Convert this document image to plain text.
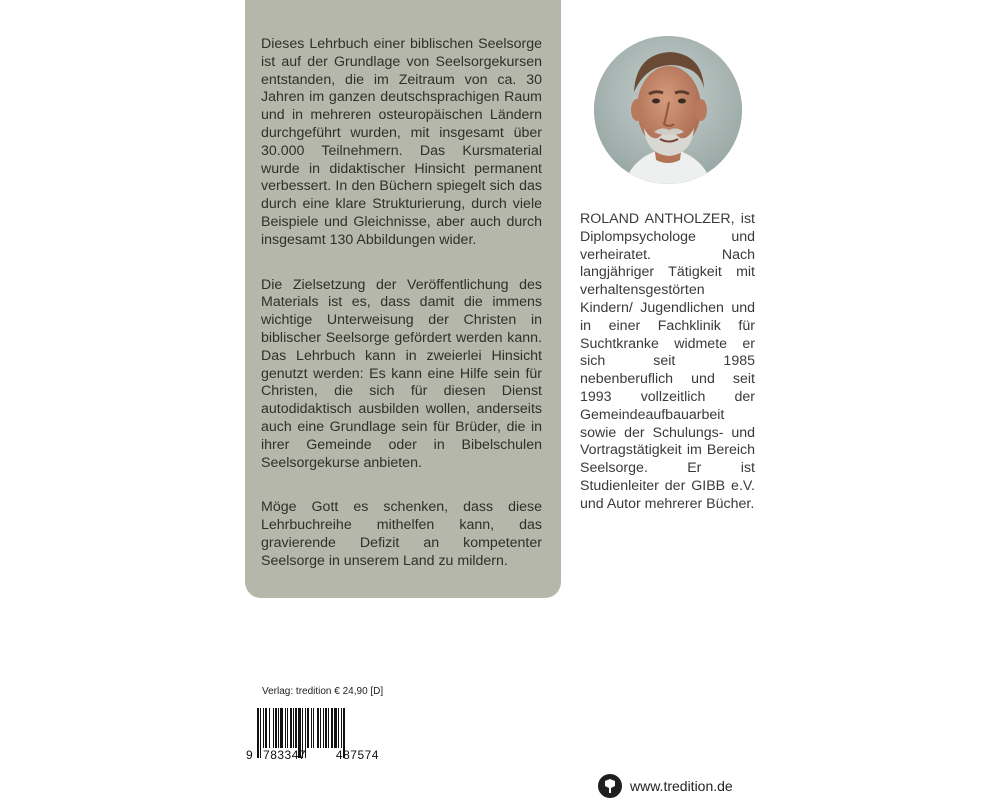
Dieses Lehrbuch einer biblischen Seelsorge ist auf der Grundlage von Seelsorgekursen entstanden, die im Zeitraum von ca. 30 Jahren im ganzen deutschsprachigen Raum und in mehreren osteuropäischen Ländern durchgeführt wurden, mit insgesamt über 30.000 Teilnehmern. Das Kursmaterial wurde in didaktischer Hinsicht permanent verbessert. In den Büchern spiegelt sich das durch eine klare Strukturierung, durch viele Beispiele und Gleichnisse, aber auch durch insgesamt 130 Abbildungen wider.

Die Zielsetzung der Veröffentlichung des Materials ist es, dass damit die immens wichtige Unterweisung der Christen in biblischer Seelsorge gefördert werden kann. Das Lehrbuch kann in zweierlei Hinsicht genutzt werden: Es kann eine Hilfe sein für Christen, die sich für diesen Dienst autodidaktisch ausbilden wollen, anderseits auch eine Grundlage sein für Brüder, die in ihrer Gemeinde oder in Bibelschulen Seelsorgekurse anbieten.

Möge Gott es schenken, dass diese Lehrbuchreihe mithelfen kann, das gravierende Defizit an kompetenter Seelsorge in unserem Land zu mildern.

ROLAND ANTHOLZER, ist Diplompsychologe und verheiratet. Nach langjähriger Tätigkeit mit verhaltensgestörten Kindern/ Jugendlichen und in einer Fachklinik für Suchtkranke widmete er sich seit 1985 nebenberuflich und seit 1993 vollzeitlich der Gemeindeaufbauarbeit sowie der Schulungs- und Vortragstätigkeit im Bereich Seelsorge. Er ist Studienleiter der GIBB e.V. und Autor mehrerer Bücher.
Verlag: tredition € 24,90 [D]
9 783347 487574
www.tredition.de
